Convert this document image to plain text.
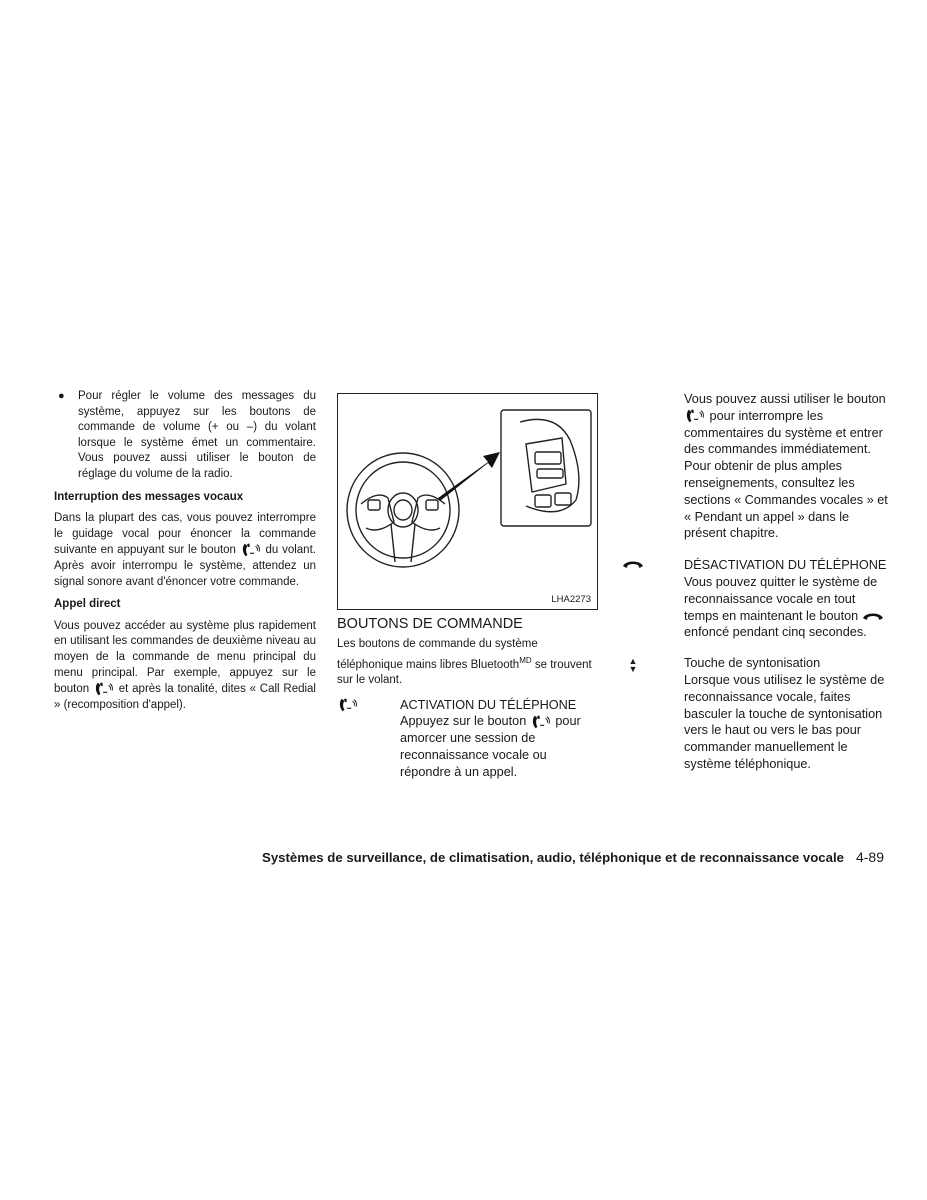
●	Pour régler le volume des messages du système, appuyez sur les boutons de commande de volume (+ ou –) du volant lorsque le système émet un commentaire. Vous pouvez aussi utiliser le bouton de réglage du volume de la radio.
Interruption des messages vocaux

Dans la plupart des cas, vous pouvez interrompre le guidage vocal pour énoncer la commande suivante en appuyant sur le bouton	du volant. Après avoir interrompu le système, attendez un signal sonore avant d'énoncer votre commande.

Appel direct

Vous pouvez accéder au système plus rapidement en utilisant les commandes de deuxième niveau au moyen de la commande de menu principal du menu principal. Par exemple, appuyez sur le bouton	et après la tonalité, dites « Call Redial » (recomposition d'appel).

LHA2273
BOUTONS DE COMMANDE

Les boutons de commande du système téléphonique mains libres Bluetooth$^{MD}$ se trouvent sur le volant.

ACTIVATION DU TÉLÉPHONE

Appuyez sur le bouton pour amorcer une session de reconnaissance vocale ou répondre à un appel.

Vous pouvez aussi utiliser le bouton  pour interrompre les commentaires du système et entrer des commandes immédiatement. Pour obtenir de plus amples renseignements, consultez les sections « Commandes vocales » et « Pendant un appel » dans le présent chapitre.

DÉSACTIVATION DU TÉLÉPHONE

Vous pouvez quitter le système de reconnaissance vocale en tout temps en maintenant le bouton  enfoncé pendant cinq secondes.

▲
▼	Touche de syntonisation

Lorsque vous utilisez le système de reconnaissance vocale, faites basculer la touche de syntonisation vers le haut ou vers le bas pour commander manuellement le système téléphonique.

Systèmes de surveillance, de climatisation, audio, téléphonique et de reconnaissance vocale 4-89
